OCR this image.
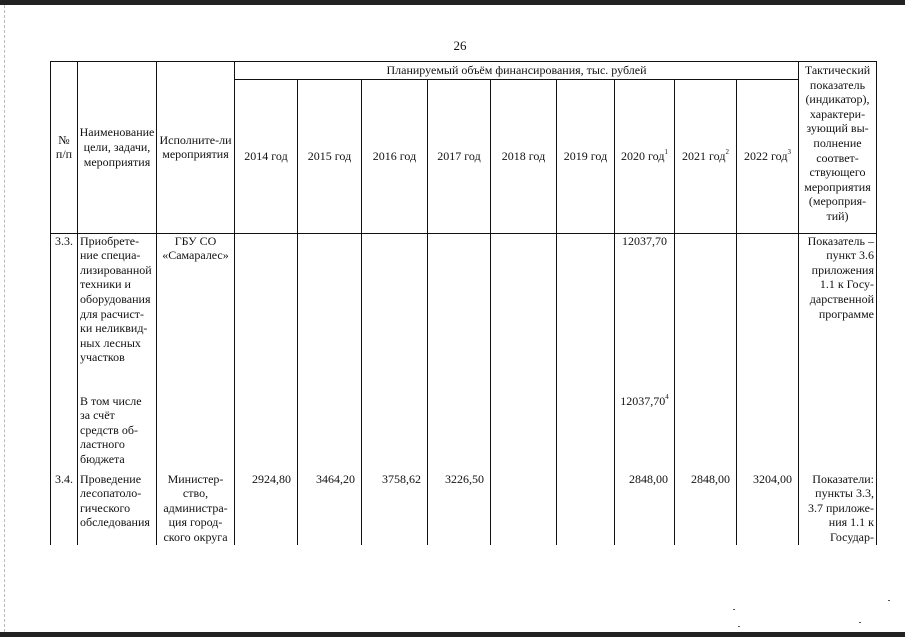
26
№ п/п	Наименование цели, задачи, мероприятия	Исполните-ли мероприятия	Планируемый объём финансирования, тыс. рублей									Тактический показатель (индикатор), характери-зующий вы-полнение соответ-ствующего мероприятия (мероприя-тий)
			2014 год	2015 год	2016 год	2017 год	2018 год	2019 год	2020 год$^1$	2021 год$^2$	2022 год$^3$
3.3.	Приобрете-ние специа-лизированной техники и оборудования для расчист-ки неликвид-ных лесных участков	ГБУ СО «Самаралес»							12037,70			Показатель – пункт 3.6 приложения 1.1 к Госу-дарственной программе
	В том числе за счёт средств об-ластного бюджета								12037,70$^4$			
3.4.	Проведение лесопатоло-гического обследования	Министер-ство, администра-ция город-ского округа	2924,80	3464,20	3758,62	3226,50			2848,00	2848,00	3204,00	Показатели: пункты 3.3, 3.7 приложе-ния 1.1 к Государ-
